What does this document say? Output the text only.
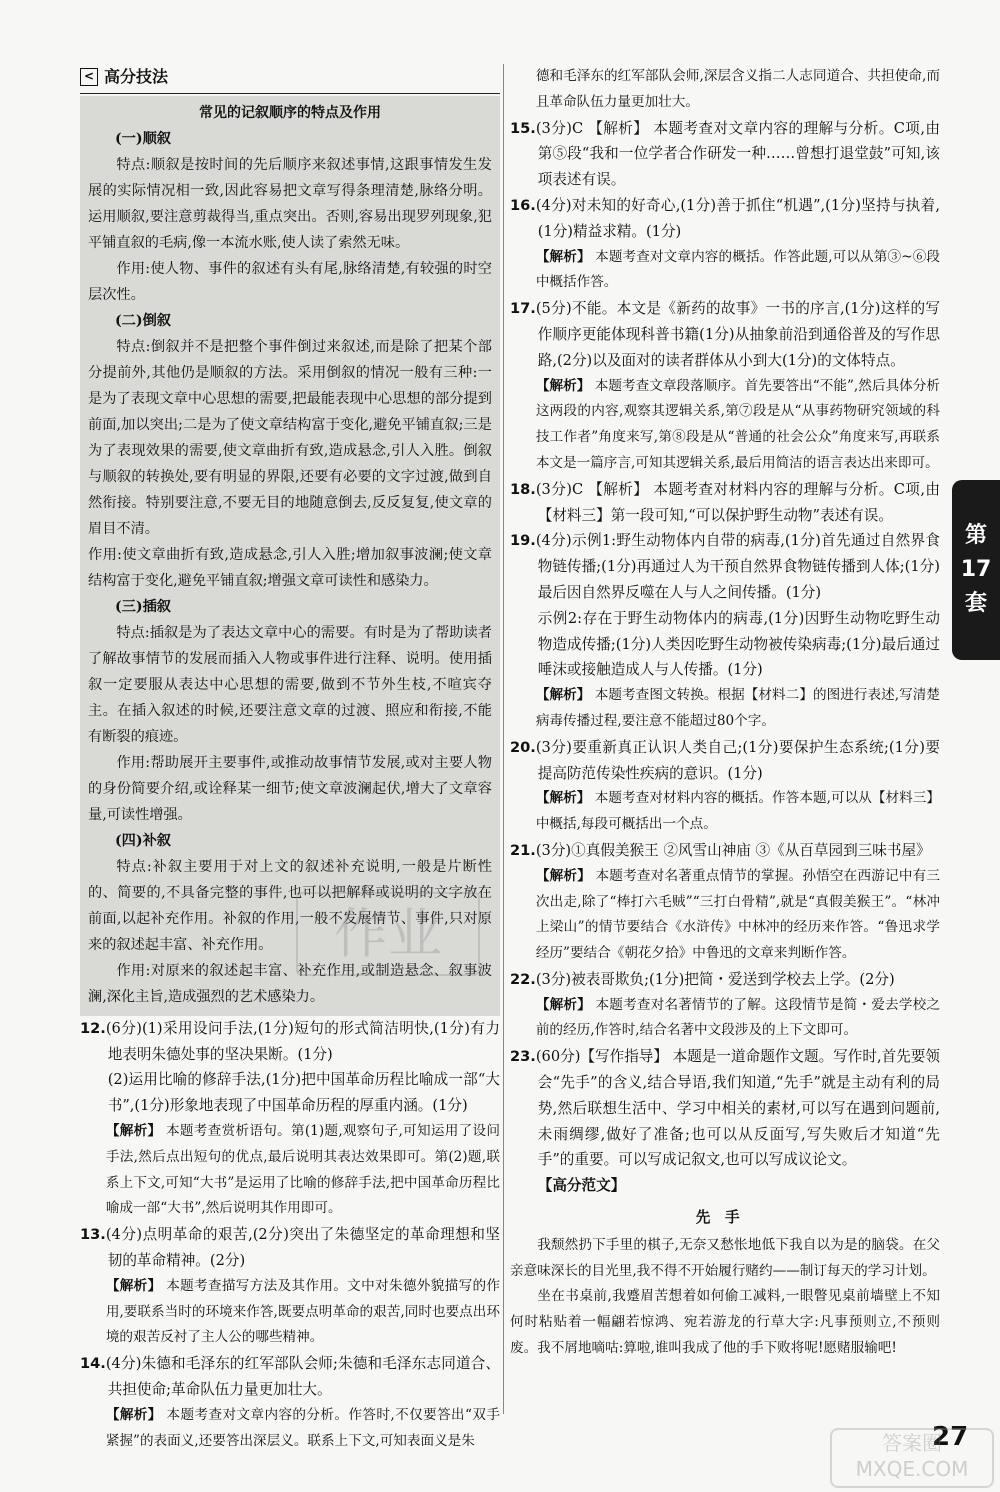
< 高分技法
常见的记叙顺序的特点及作用
(一)顺叙

特点:顺叙是按时间的先后顺序来叙述事情,这跟事情发生发展的实际情况相一致,因此容易把文章写得条理清楚,脉络分明。运用顺叙,要注意剪裁得当,重点突出。否则,容易出现罗列现象,犯平铺直叙的毛病,像一本流水账,使人读了索然无味。

作用:使人物、事件的叙述有头有尾,脉络清楚,有较强的时空层次性。

(二)倒叙

特点:倒叙并不是把整个事件倒过来叙述,而是除了把某个部分提前外,其他仍是顺叙的方法。采用倒叙的情况一般有三种:一是为了表现文章中心思想的需要,把最能表现中心思想的部分提到前面,加以突出;二是为了使文章结构富于变化,避免平铺直叙;三是为了表现效果的需要,使文章曲折有致,造成悬念,引人入胜。倒叙与顺叙的转换处,要有明显的界限,还要有必要的文字过渡,做到自然衔接。特别要注意,不要无目的地随意倒去,反反复复,使文章的眉目不清。

作用:使文章曲折有致,造成悬念,引人入胜;增加叙事波澜;使文章结构富于变化,避免平铺直叙;增强文章可读性和感染力。

(三)插叙

特点:插叙是为了表达文章中心的需要。有时是为了帮助读者了解故事情节的发展而插入人物或事件进行注释、说明。使用插叙一定要服从表达中心思想的需要,做到不节外生枝,不喧宾夺主。在插入叙述的时候,还要注意文章的过渡、照应和衔接,不能有断裂的痕迹。

作用:帮助展开主要事件,或推动故事情节发展,或对主要人物的身份简要介绍,或诠释某一细节;使文章波澜起伏,增大了文章容量,可读性增强。

(四)补叙

特点:补叙主要用于对上文的叙述补充说明,一般是片断性的、简要的,不具备完整的事件,也可以把解释或说明的文字放在前面,以起补充作用。补叙的作用,一般不发展情节、事件,只对原来的叙述起丰富、补充作用。

作用:对原来的叙述起丰富、补充作用,或制造悬念、叙事波澜,深化主旨,造成强烈的艺术感染力。

作业

12.(6分)(1)采用设问手法,(1分)短句的形式简洁明快,(1分)有力地表明朱德处事的坚决果断。(1分)

(2)运用比喻的修辞手法,(1分)把中国革命历程比喻成一部“大书”,(1分)形象地表现了中国革命历程的厚重内涵。(1分)

【解析】 本题考查赏析语句。第(1)题,观察句子,可知运用了设问手法,然后点出短句的优点,最后说明其表达效果即可。第(2)题,联系上下文,可知“大书”是运用了比喻的修辞手法,把中国革命历程比喻成一部“大书”,然后说明其作用即可。

13.(4分)点明革命的艰苦,(2分)突出了朱德坚定的革命理想和坚韧的革命精神。(2分)

【解析】 本题考查描写方法及其作用。文中对朱德外貌描写的作用,要联系当时的环境来作答,既要点明革命的艰苦,同时也要点出环境的艰苦反衬了主人公的哪些精神。

14.(4分)朱德和毛泽东的红军部队会师;朱德和毛泽东志同道合、共担使命;革命队伍力量更加壮大。

【解析】 本题考查对文章内容的分析。作答时,不仅要答出“双手紧握”的表面义,还要答出深层义。联系上下文,可知表面义是朱

德和毛泽东的红军部队会师,深层含义指二人志同道合、共担使命,而且革命队伍力量更加壮大。

15.(3分)C 【解析】 本题考查对文章内容的理解与分析。C项,由第⑤段“我和一位学者合作研发一种……曾想打退堂鼓”可知,该项表述有误。

16.(4分)对未知的好奇心,(1分)善于抓住“机遇”,(1分)坚持与执着,(1分)精益求精。(1分)

【解析】 本题考查对文章内容的概括。作答此题,可以从第③~⑥段中概括作答。

17.(5分)不能。本文是《新药的故事》一书的序言,(1分)这样的写作顺序更能体现科普书籍(1分)从抽象前沿到通俗普及的写作思路,(2分)以及面对的读者群体从小到大(1分)的文体特点。

【解析】 本题考查文章段落顺序。首先要答出“不能”,然后具体分析这两段的内容,观察其逻辑关系,第⑦段是从“从事药物研究领域的科技工作者”角度来写,第⑧段是从“普通的社会公众”角度来写,再联系本文是一篇序言,可知其逻辑关系,最后用简洁的语言表达出来即可。

18.(3分)C 【解析】 本题考查对材料内容的理解与分析。C项,由【材料三】第一段可知,“可以保护野生动物”表述有误。

19.(4分)示例1:野生动物体内自带的病毒,(1分)首先通过自然界食物链传播;(1分)再通过人为干预自然界食物链传播到人体;(1分)最后因自然界反噬在人与人之间传播。(1分)

示例2:存在于野生动物体内的病毒,(1分)因野生动物吃野生动物造成传播;(1分)人类因吃野生动物被传染病毒;(1分)最后通过唾沫或接触造成人与人传播。(1分)

【解析】 本题考查图文转换。根据【材料二】的图进行表述,写清楚病毒传播过程,要注意不能超过80个字。

20.(3分)要重新真正认识人类自己;(1分)要保护生态系统;(1分)要提高防范传染性疾病的意识。(1分)

【解析】 本题考查对材料内容的概括。作答本题,可以从【材料三】中概括,每段可概括出一个点。

21.(3分)①真假美猴王 ②风雪山神庙 ③《从百草园到三味书屋》

【解析】 本题考查对名著重点情节的掌握。孙悟空在西游记中有三次出走,除了“棒打六毛贼”“三打白骨精”,就是“真假美猴王”。“林冲上梁山”的情节要结合《水浒传》中林冲的经历来作答。“鲁迅求学经历”要结合《朝花夕拾》中鲁迅的文章来判断作答。

22.(3分)被表哥欺负;(1分)把简・爱送到学校去上学。(2分)

【解析】 本题考查对名著情节的了解。这段情节是简・爱去学校之前的经历,作答时,结合名著中文段涉及的上下文即可。

23.(60分)【写作指导】 本题是一道命题作文题。写作时,首先要领会“先手”的含义,结合导语,我们知道,“先手”就是主动有利的局势,然后联想生活中、学习中相关的素材,可以写在遇到问题前,未雨绸缪,做好了准备;也可以从反面写,写失败后才知道“先手”的重要。可以写成记叙文,也可以写成议论文。

【高分范文】

先手

我颓然扔下手里的棋子,无奈又愁怅地低下我自以为是的脑袋。在父亲意味深长的目光里,我不得不开始履行赌约——制订每天的学习计划。

坐在书桌前,我蹙眉苦想着如何偷工减料,一眼瞥见桌前墙壁上不知何时粘贴着一幅翩若惊鸿、宛若游龙的行草大字:凡事预则立,不预则废。我不屑地嘀咕:算啦,谁叫我成了他的手下败将呢!愿赌服输吧!

第
17
套
27
答案圈
MXQE.COM
